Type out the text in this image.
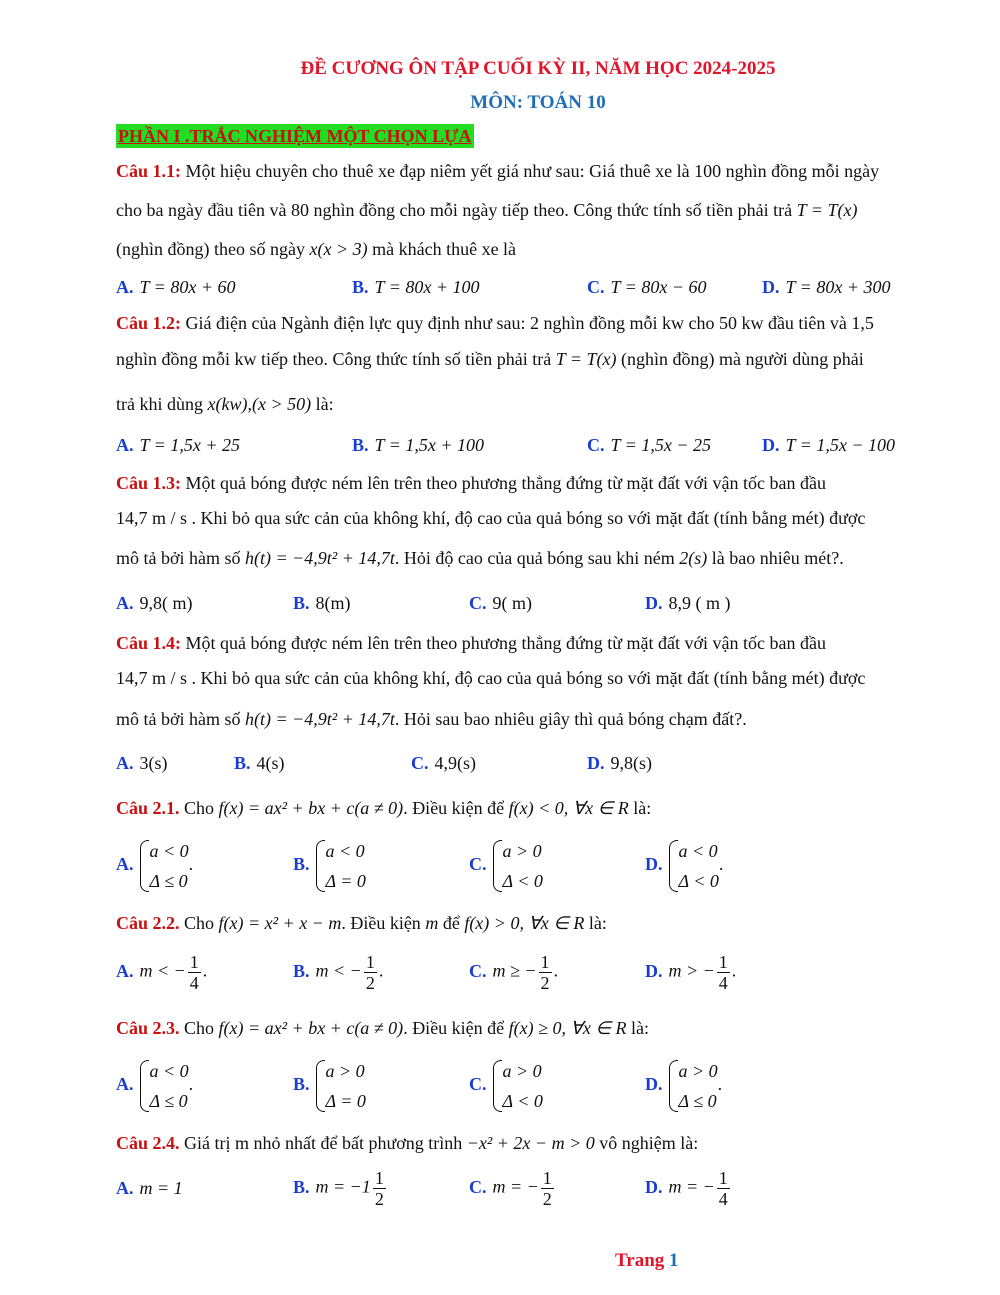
ĐỀ CƯƠNG ÔN TẬP CUỐI KỲ II, NĂM HỌC 2024-2025
MÔN: TOÁN 10
PHẦN I .TRẮC NGHIỆM MỘT CHỌN LỰA
Câu 1.1: Một hiệu chuyên cho thuê xe đạp niêm yết giá như sau: Giá thuê xe là 100 nghìn đồng mỗi ngày
cho ba ngày đầu tiên và 80 nghìn đồng cho mỗi ngày tiếp theo. Công thức tính số tiền phải trả T = T(x)
(nghìn đồng) theo số ngày x(x > 3) mà khách thuê xe là
A. T = 80x + 60	B. T = 80x + 100	C. T = 80x − 60	D. T = 80x + 300
Câu 1.2: Giá điện của Ngành điện lực quy định như sau: 2 nghìn đồng mỗi kw cho 50 kw đầu tiên và 1,5
nghìn đồng mỗi kw tiếp theo. Công thức tính số tiền phải trả T = T(x) (nghìn đồng) mà người dùng phải
trả khi dùng x(kw),(x > 50) là:
A. T = 1,5x + 25	B. T = 1,5x + 100	C. T = 1,5x − 25	D. T = 1,5x − 100
Câu 1.3: Một quả bóng được ném lên trên theo phương thẳng đứng từ mặt đất với vận tốc ban đầu
14,7 m / s . Khi bỏ qua sức cản của không khí, độ cao của quả bóng so với mặt đất (tính bằng mét) được
mô tả bởi hàm số h(t) = −4,9t² + 14,7t. Hỏi độ cao của quả bóng sau khi ném 2(s) là bao nhiêu mét?.
A. 9,8( m)	B. 8(m)	C. 9( m)	D. 8,9 ( m )
Câu 1.4: Một quả bóng được ném lên trên theo phương thẳng đứng từ mặt đất với vận tốc ban đầu
14,7 m / s . Khi bỏ qua sức cản của không khí, độ cao của quả bóng so với mặt đất (tính bằng mét) được
mô tả bởi hàm số h(t) = −4,9t² + 14,7t. Hỏi sau bao nhiêu giây thì quả bóng chạm đất?.
A. 3(s)	B. 4(s)	C. 4,9(s)	D. 9,8(s)
Câu 2.1. Cho f(x) = ax² + bx + c(a ≠ 0). Điều kiện để f(x) < 0, ∀x ∈ R là:
A.
a < 0
Δ ≤ 0
.	B.
a < 0
Δ = 0
C.
a > 0
Δ < 0
D.
a < 0
Δ < 0
.
Câu 2.2. Cho f(x) = x² + x − m. Điều kiện m để f(x) > 0, ∀x ∈ R là:
A. m < − $\frac{1}{4}$ .	B. m < − $\frac{1}{2}$ .	C. m ≥ − $\frac{1}{2}$ .	D. m > − $\frac{1}{4}$ .
Câu 2.3. Cho f(x) = ax² + bx + c(a ≠ 0). Điều kiện để f(x) ≥ 0, ∀x ∈ R là:
A.
a < 0
Δ ≤ 0
.	B.
a > 0
Δ = 0
C.
a > 0
Δ < 0
D.
a > 0
Δ ≤ 0
.
Câu 2.4. Giá trị m nhỏ nhất để bất phương trình −x² + 2x − m > 0 vô nghiệm là:
A. m = 1	B. $m = -1 \frac{1}{2}$	C. m = − $\frac{1}{2}$	D. m = − $\frac{1}{4}$
Trang 1
